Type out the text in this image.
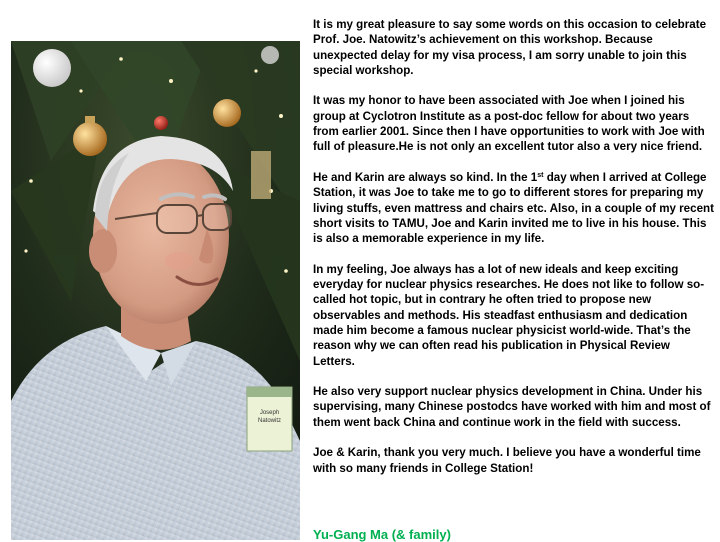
Joseph
Natowitz

It is my great pleasure to say some words on this occasion to celebrate Prof. Joe. Natowitz’s achievement on this workshop. Because unexpected delay for my visa process, I am sorry unable to join this special workshop.

It was my honor to have been associated with Joe when I joined his group at Cyclotron Institute as a post-doc fellow for about two years from earlier 2001. Since then I have opportunities to work with Joe with full of pleasure.He is not only an excellent tutor also a very nice friend.

He and Karin are always so kind. In the 1st day when I arrived at College Station, it was Joe to take me to go to different stores for preparing my living stuffs, even mattress and chairs etc. Also, in a couple of my recent short visits to TAMU, Joe and Karin invited me to live in his house. This is also a memorable experience in my life.

In my feeling, Joe always has a lot of new ideals and keep exciting everyday for nuclear physics researches. He does not like to follow so-called hot topic, but in contrary he often tried to propose new observables and methods. His steadfast enthusiasm and dedication made him become a famous nuclear physicist world-wide. That’s the reason why we can often read his publication in Physical Review Letters.

He also very support nuclear physics development in China. Under his supervising, many Chinese postodcs have worked with him and most of them went back China and continue work in the field with success.

Joe & Karin, thank you very much. I believe you have a wonderful time with so many friends in College Station!

Yu-Gang Ma (& family)
